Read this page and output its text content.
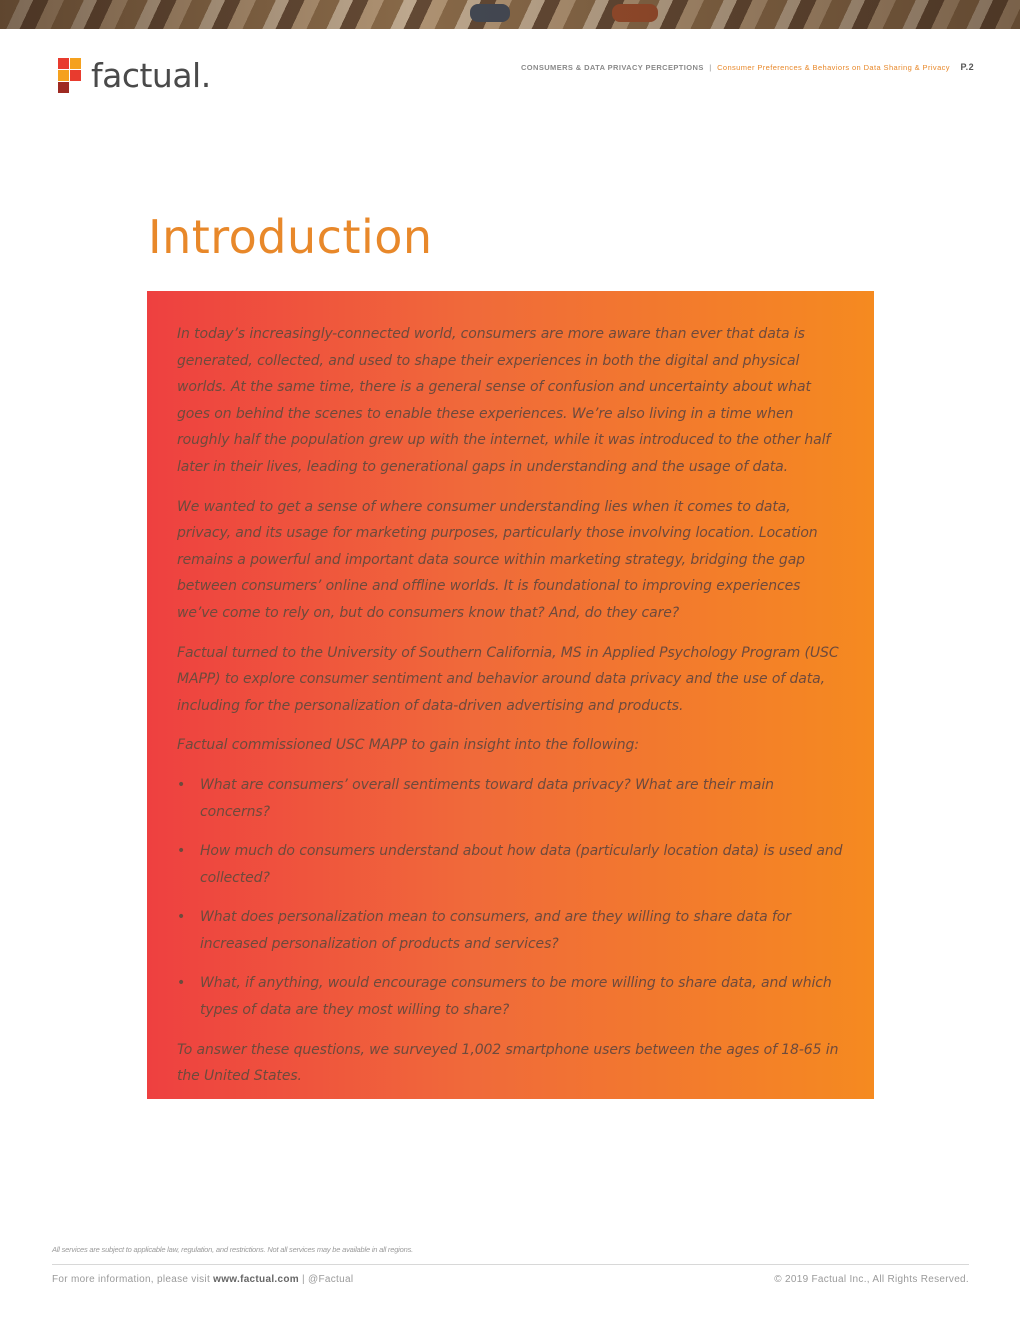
factual.	CONSUMERS & DATA PRIVACY PERCEPTIONS | Consumer Preferences & Behaviors on Data Sharing & Privacy P.2
Introduction

In today’s increasingly-connected world, consumers are more aware than ever that data is generated, collected, and used to shape their experiences in both the digital and physical worlds. At the same time, there is a general sense of confusion and uncertainty about what goes on behind the scenes to enable these experiences. We’re also living in a time when roughly half the population grew up with the internet, while it was introduced to the other half later in their lives, leading to generational gaps in understanding and the usage of data.

We wanted to get a sense of where consumer understanding lies when it comes to data, privacy, and its usage for marketing purposes, particularly those involving location. Location remains a powerful and important data source within marketing strategy, bridging the gap between consumers’ online and offline worlds. It is foundational to improving experiences we’ve come to rely on, but do consumers know that? And, do they care?

Factual turned to the University of Southern California, MS in Applied Psychology Program (USC MAPP) to explore consumer sentiment and behavior around data privacy and the use of data, including for the personalization of data-driven advertising and products.

Factual commissioned USC MAPP to gain insight into the following:

• What are consumers’ overall sentiments toward data privacy? What are their main concerns?
• How much do consumers understand about how data (particularly location data) is used and collected?
• What does personalization mean to consumers, and are they willing to share data for increased personalization of products and services?
• What, if anything, would encourage consumers to be more willing to share data, and which types of data are they most willing to share?

To answer these questions, we surveyed 1,002 smartphone users between the ages of 18-65 in the United States.

All services are subject to applicable law, regulation, and restrictions. Not all services may be available in all regions.
For more information, please visit www.factual.com | @Factual	© 2019 Factual Inc., All Rights Reserved.
